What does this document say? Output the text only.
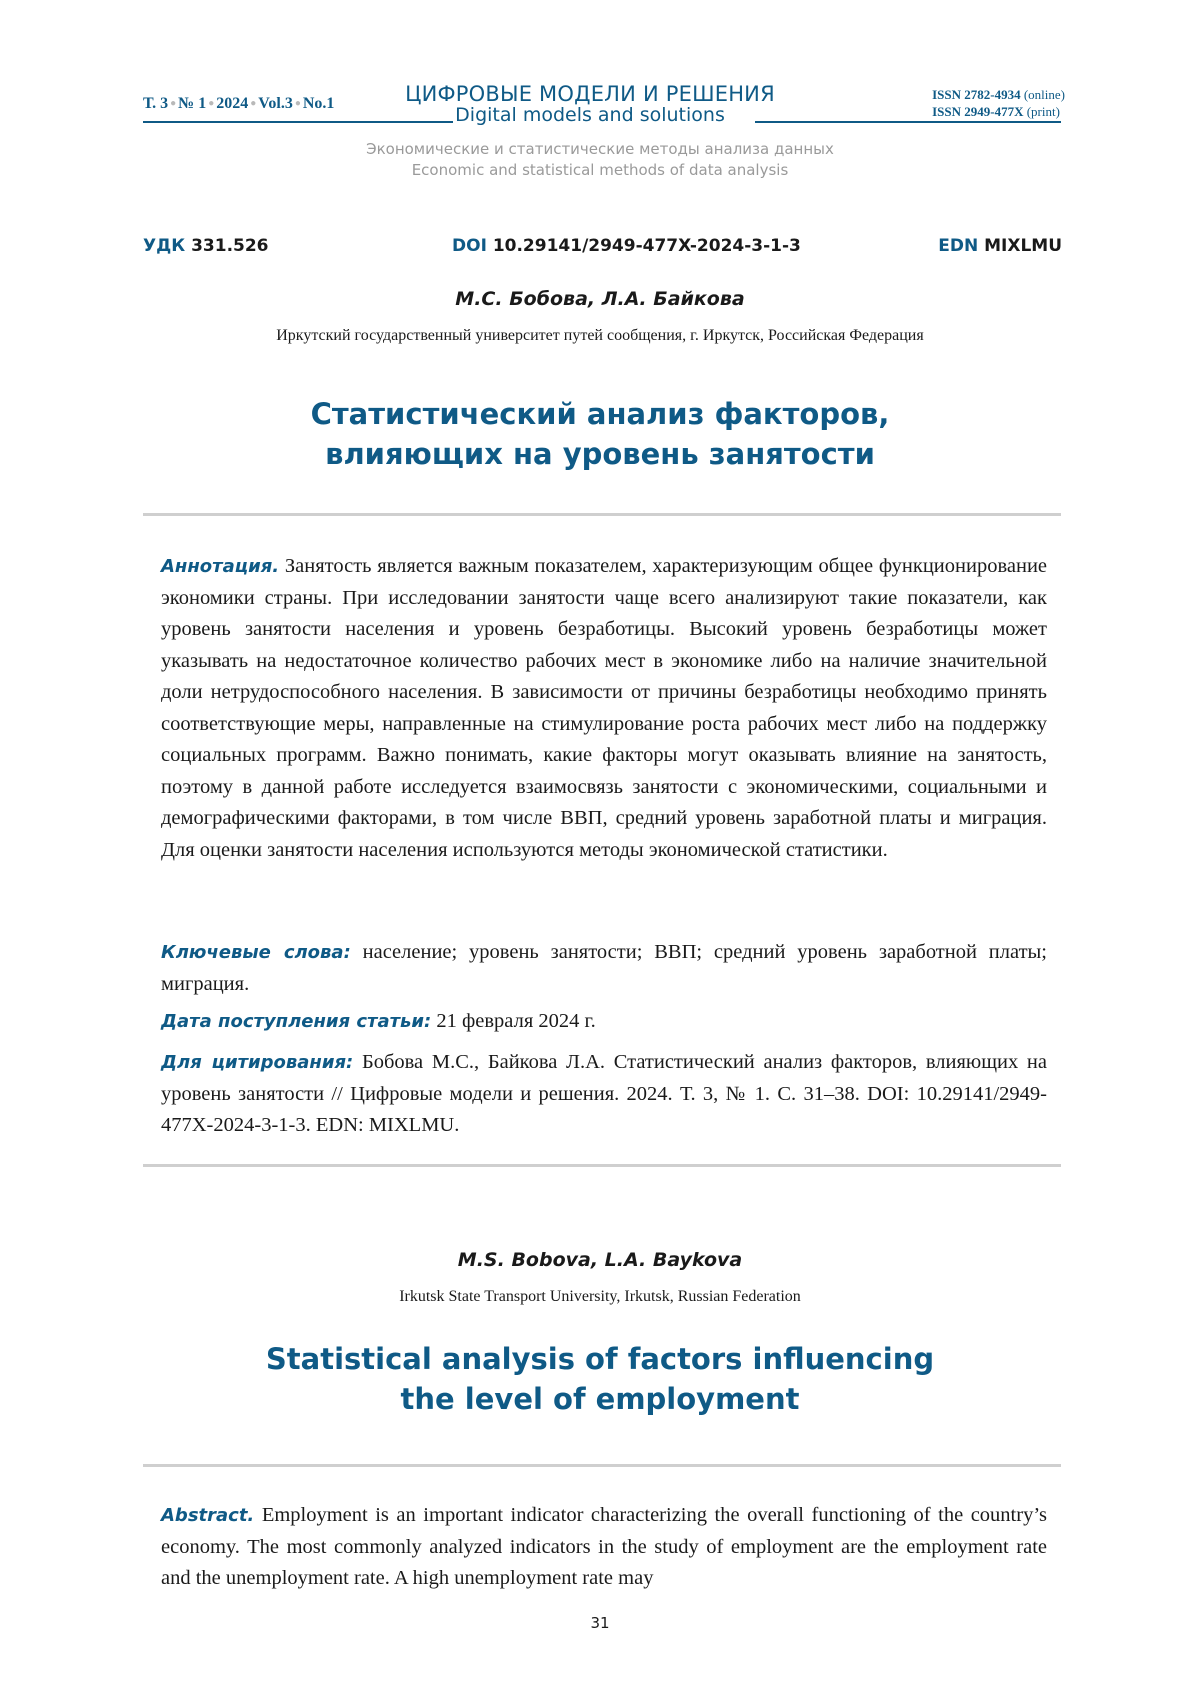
Т. 3 ● № 1 ● 2024 ● Vol.3 ● No.1	ЦИФРОВЫЕ МОДЕЛИ И РЕШЕНИЯ
Digital models and solutions
ISSN 2782-4934 (online)
ISSN 2949-477X (print)
Экономические и статистические методы анализа данных
Economic and statistical methods of data analysis
УДК 331.526	DOI 10.29141/2949-477X-2024-3-1-3	EDN MIXLMU
М.С. Бобова, Л.А. Байкова
Иркутский государственный университет путей сообщения, г. Иркутск, Российская Федерация
Статистический анализ факторов,
влияющих на уровень занятости
Аннотация. Занятость является важным показателем, характеризующим общее функционирование экономики страны. При исследовании занятости чаще всего анализируют такие показатели, как уровень занятости населения и уровень безработицы. Высокий уровень безработицы может указывать на недостаточное количество рабочих мест в экономике либо на наличие значительной доли нетрудоспособного населения. В зависимости от причины безработицы необходимо принять соответствующие меры, направленные на стимулирование роста рабочих мест либо на поддержку социальных программ. Важно понимать, какие факторы могут оказывать влияние на занятость, поэтому в данной работе исследуется взаимосвязь занятости с экономическими, социальными и демографическими факторами, в том числе ВВП, средний уровень заработной платы и миграция. Для оценки занятости населения используются методы экономической статистики.
Ключевые слова: население; уровень занятости; ВВП; средний уровень заработной платы; миграция.
Дата поступления статьи: 21 февраля 2024 г.
Для цитирования: Бобова М.С., Байкова Л.А. Статистический анализ факторов, влияющих на уровень занятости // Цифровые модели и решения. 2024. Т. 3, № 1. С. 31–38. DOI: 10.29141/2949-477X-2024-3-1-3. EDN: MIXLMU.
M.S. Bobova, L.A. Baykova
Irkutsk State Transport University, Irkutsk, Russian Federation
Statistical analysis of factors influencing
the level of employment
Abstract. Employment is an important indicator characterizing the overall functioning of the country’s economy. The most commonly analyzed indicators in the study of employment are the employment rate and the unemployment rate. A high unemployment rate may
31
